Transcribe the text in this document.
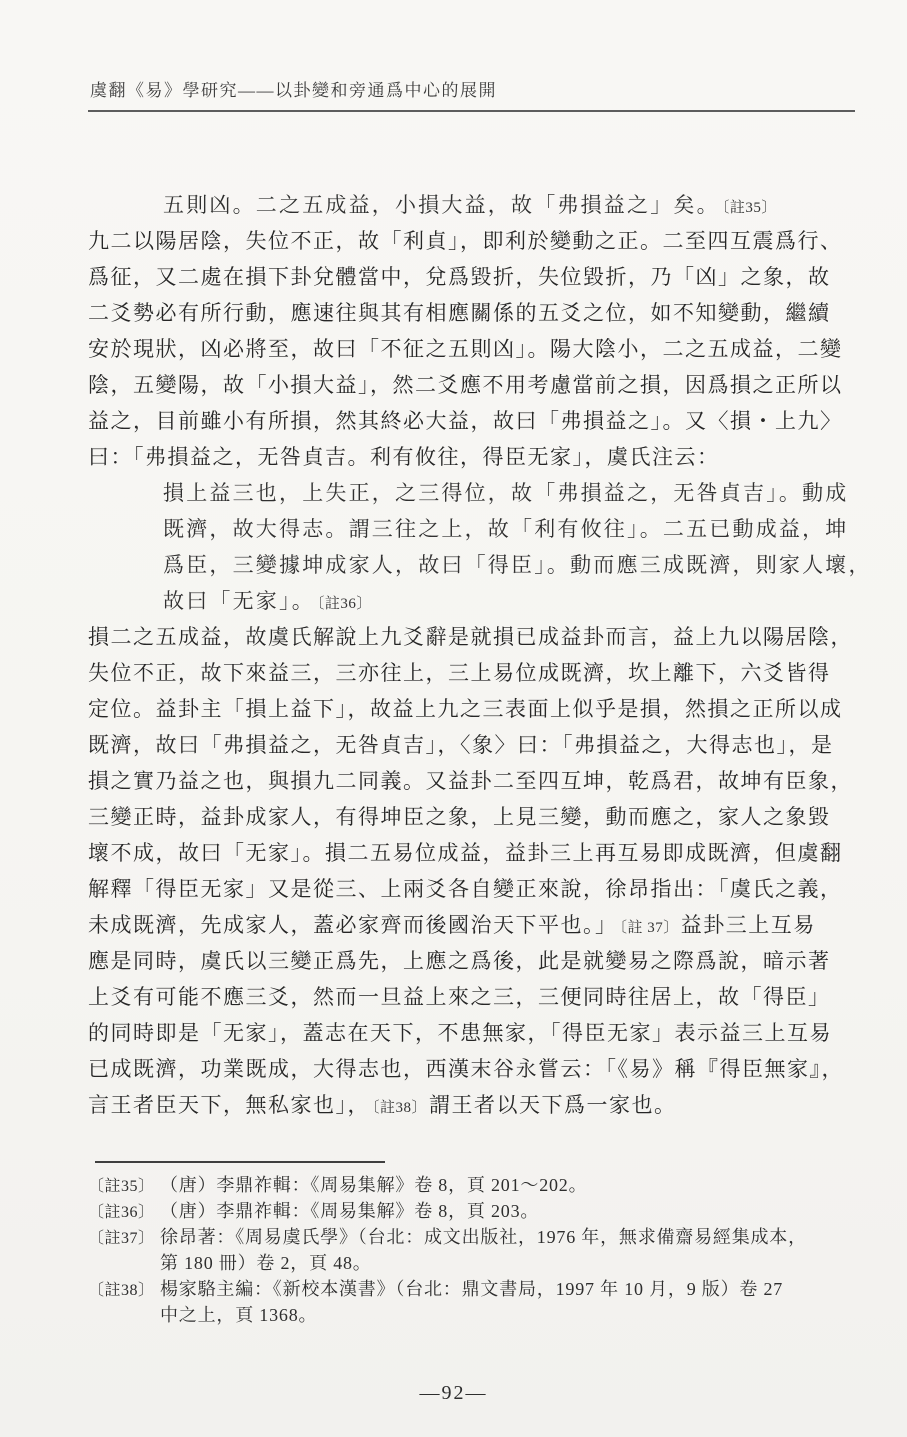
虞翻《易》學研究——以卦變和旁通爲中心的展開
五則凶。二之五成益，小損大益，故「弗損益之」矣。 〔註35〕
九二以陽居陰，失位不正，故「利貞」，即利於變動之正。二至四互震爲行、
爲征，又二處在損下卦兌體當中，兌爲毀折，失位毀折，乃「凶」之象，故
二爻勢必有所行動，應速往與其有相應關係的五爻之位，如不知變動，繼續
安於現狀，凶必將至，故曰「不征之五則凶」。陽大陰小，二之五成益，二變
陰，五變陽，故「小損大益」，然二爻應不用考慮當前之損，因爲損之正所以
益之，目前雖小有所損，然其終必大益，故曰「弗損益之」。又〈損・上九〉
曰：「弗損益之，无咎貞吉。利有攸往，得臣无家」，虞氏注云：
損上益三也，上失正，之三得位，故「弗損益之，无咎貞吉」。動成
既濟，故大得志。謂三往之上，故「利有攸往」。二五已動成益，坤
爲臣，三變據坤成家人，故曰「得臣」。動而應三成既濟，則家人壞，
故曰「无家」。 〔註36〕
損二之五成益，故虞氏解說上九爻辭是就損已成益卦而言，益上九以陽居陰，
失位不正，故下來益三，三亦往上，三上易位成既濟，坎上離下，六爻皆得
定位。益卦主「損上益下」，故益上九之三表面上似乎是損，然損之正所以成
既濟，故曰「弗損益之，无咎貞吉」，〈象〉曰：「弗損益之，大得志也」，是
損之實乃益之也，與損九二同義。又益卦二至四互坤，乾爲君，故坤有臣象，
三變正時，益卦成家人，有得坤臣之象，上見三變，動而應之，家人之象毀
壞不成，故曰「无家」。損二五易位成益，益卦三上再互易即成既濟，但虞翻
解釋「得臣无家」又是從三、上兩爻各自變正來說，徐昂指出：「虞氏之義，
未成既濟，先成家人，蓋必家齊而後國治天下平也。」 〔註 37〕益卦三上互易
應是同時，虞氏以三變正爲先，上應之爲後，此是就變易之際爲說，暗示著
上爻有可能不應三爻，然而一旦益上來之三，三便同時往居上，故「得臣」
的同時即是「无家」，蓋志在天下，不患無家，「得臣无家」表示益三上互易
已成既濟，功業既成，大得志也，西漢末谷永嘗云：「《易》稱『得臣無家』，
言王者臣天下，無私家也」， 〔註38〕謂王者以天下爲一家也。
〔註35〕 （唐）李鼎祚輯：《周易集解》卷 8，頁 201～202。
〔註36〕 （唐）李鼎祚輯：《周易集解》卷 8，頁 203。
〔註37〕 徐昂著：《周易虞氏學》（台北：成文出版社，1976 年，無求備齋易經集成本，
第 180 冊）卷 2，頁 48。
〔註38〕 楊家駱主編：《新校本漢書》（台北：鼎文書局，1997 年 10 月，9 版）卷 27
中之上，頁 1368。
—92—
